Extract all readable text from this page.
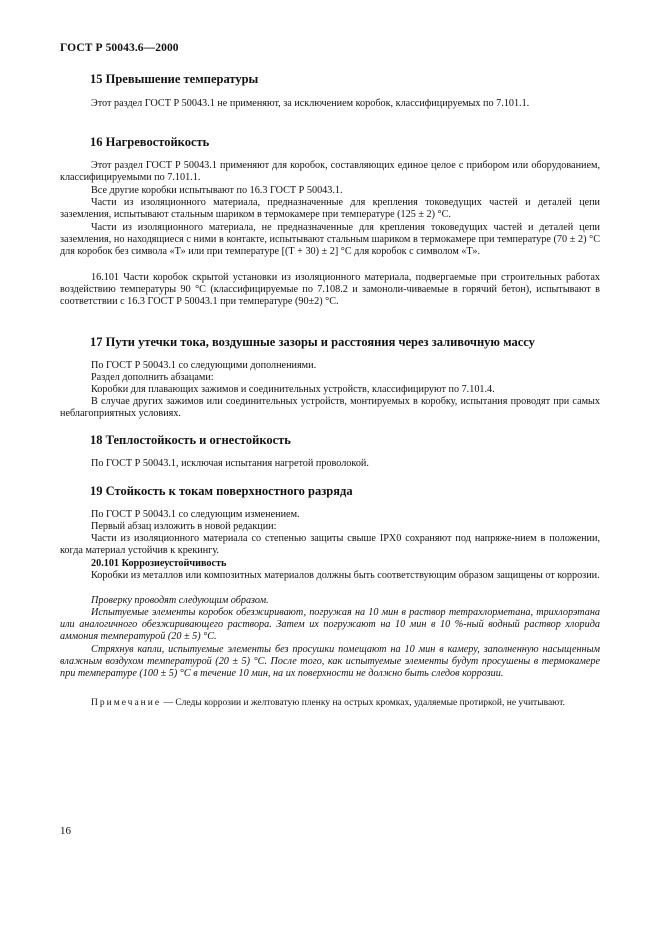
ГОСТ Р 50043.6—2000
15 Превышение температуры
Этот раздел ГОСТ Р 50043.1 не применяют, за исключением коробок, классифицируемых по 7.101.1.
16 Нагревостойкость
Этот раздел ГОСТ Р 50043.1 применяют для коробок, составляющих единое целое с прибором или оборудованием, классифицируемыми по 7.101.1.
Все другие коробки испытывают по 16.3 ГОСТ Р 50043.1.
Части из изоляционного материала, предназначенные для крепления токоведущих частей и деталей цепи заземления, испытывают стальным шариком в термокамере при температуре (125 ± 2) °С.
Части из изоляционного материала, не предназначенные для крепления токоведущих частей и деталей цепи заземления, но находящиеся с ними в контакте, испытывают стальным шариком в термокамере при температуре (70 ± 2) °С для коробок без символа «Т» или при температуре [(Т + 30) ± 2] °С для коробок с символом «Т».
16.101 Части коробок скрытой установки из изоляционного материала, подвергаемые при строительных работах воздействию температуры 90 °С (классифицируемые по 7.108.2 и замоноли-чиваемые в горячий бетон), испытывают в соответствии с 16.3 ГОСТ Р 50043.1 при температуре (90±2) °С.
17 Пути утечки тока, воздушные зазоры и расстояния через заливочную массу
По ГОСТ Р 50043.1 со следующими дополнениями.
Раздел дополнить абзацами:
Коробки для плавающих зажимов и соединительных устройств, классифицируют по 7.101.4.
В случае других зажимов или соединительных устройств, монтируемых в коробку, испытания проводят при самых неблагоприятных условиях.
18 Теплостойкость и огнестойкость
По ГОСТ Р 50043.1, исключая испытания нагретой проволокой.
19 Стойкость к токам поверхностного разряда
По ГОСТ Р 50043.1 со следующим изменением.
Первый абзац изложить в новой редакции:
Части из изоляционного материала со степенью защиты свыше IPX0 сохраняют под напряже-нием в положении, когда материал устойчив к крекингу.
20.101 Коррозиеустойчивость
Коробки из металлов или композитных материалов должны быть соответствующим образом защищены от коррозии.
Проверку проводят следующим образом.
Испытуемые элементы коробок обезжиривают, погружая на 10 мин в раствор тетрахлорметана, трихлорэтана или аналогичного обезжиривающего раствора. Затем их погружают на 10 мин в 10 %-ный водный раствор хлорида аммония температурой (20 ± 5) °С.
Стряхнув капли, испытуемые элементы без просушки помещают на 10 мин в камеру, заполненную насыщенным влажным воздухом температурой (20 ± 5) °С. После того, как испытуемые элементы будут просушены в термокамере при температуре (100 ± 5) °С в течение 10 мин, на их поверхности не должно быть следов коррозии.
Примечание — Следы коррозии и желтоватую пленку на острых кромках, удаляемые протиркой, не учитывают.
16
